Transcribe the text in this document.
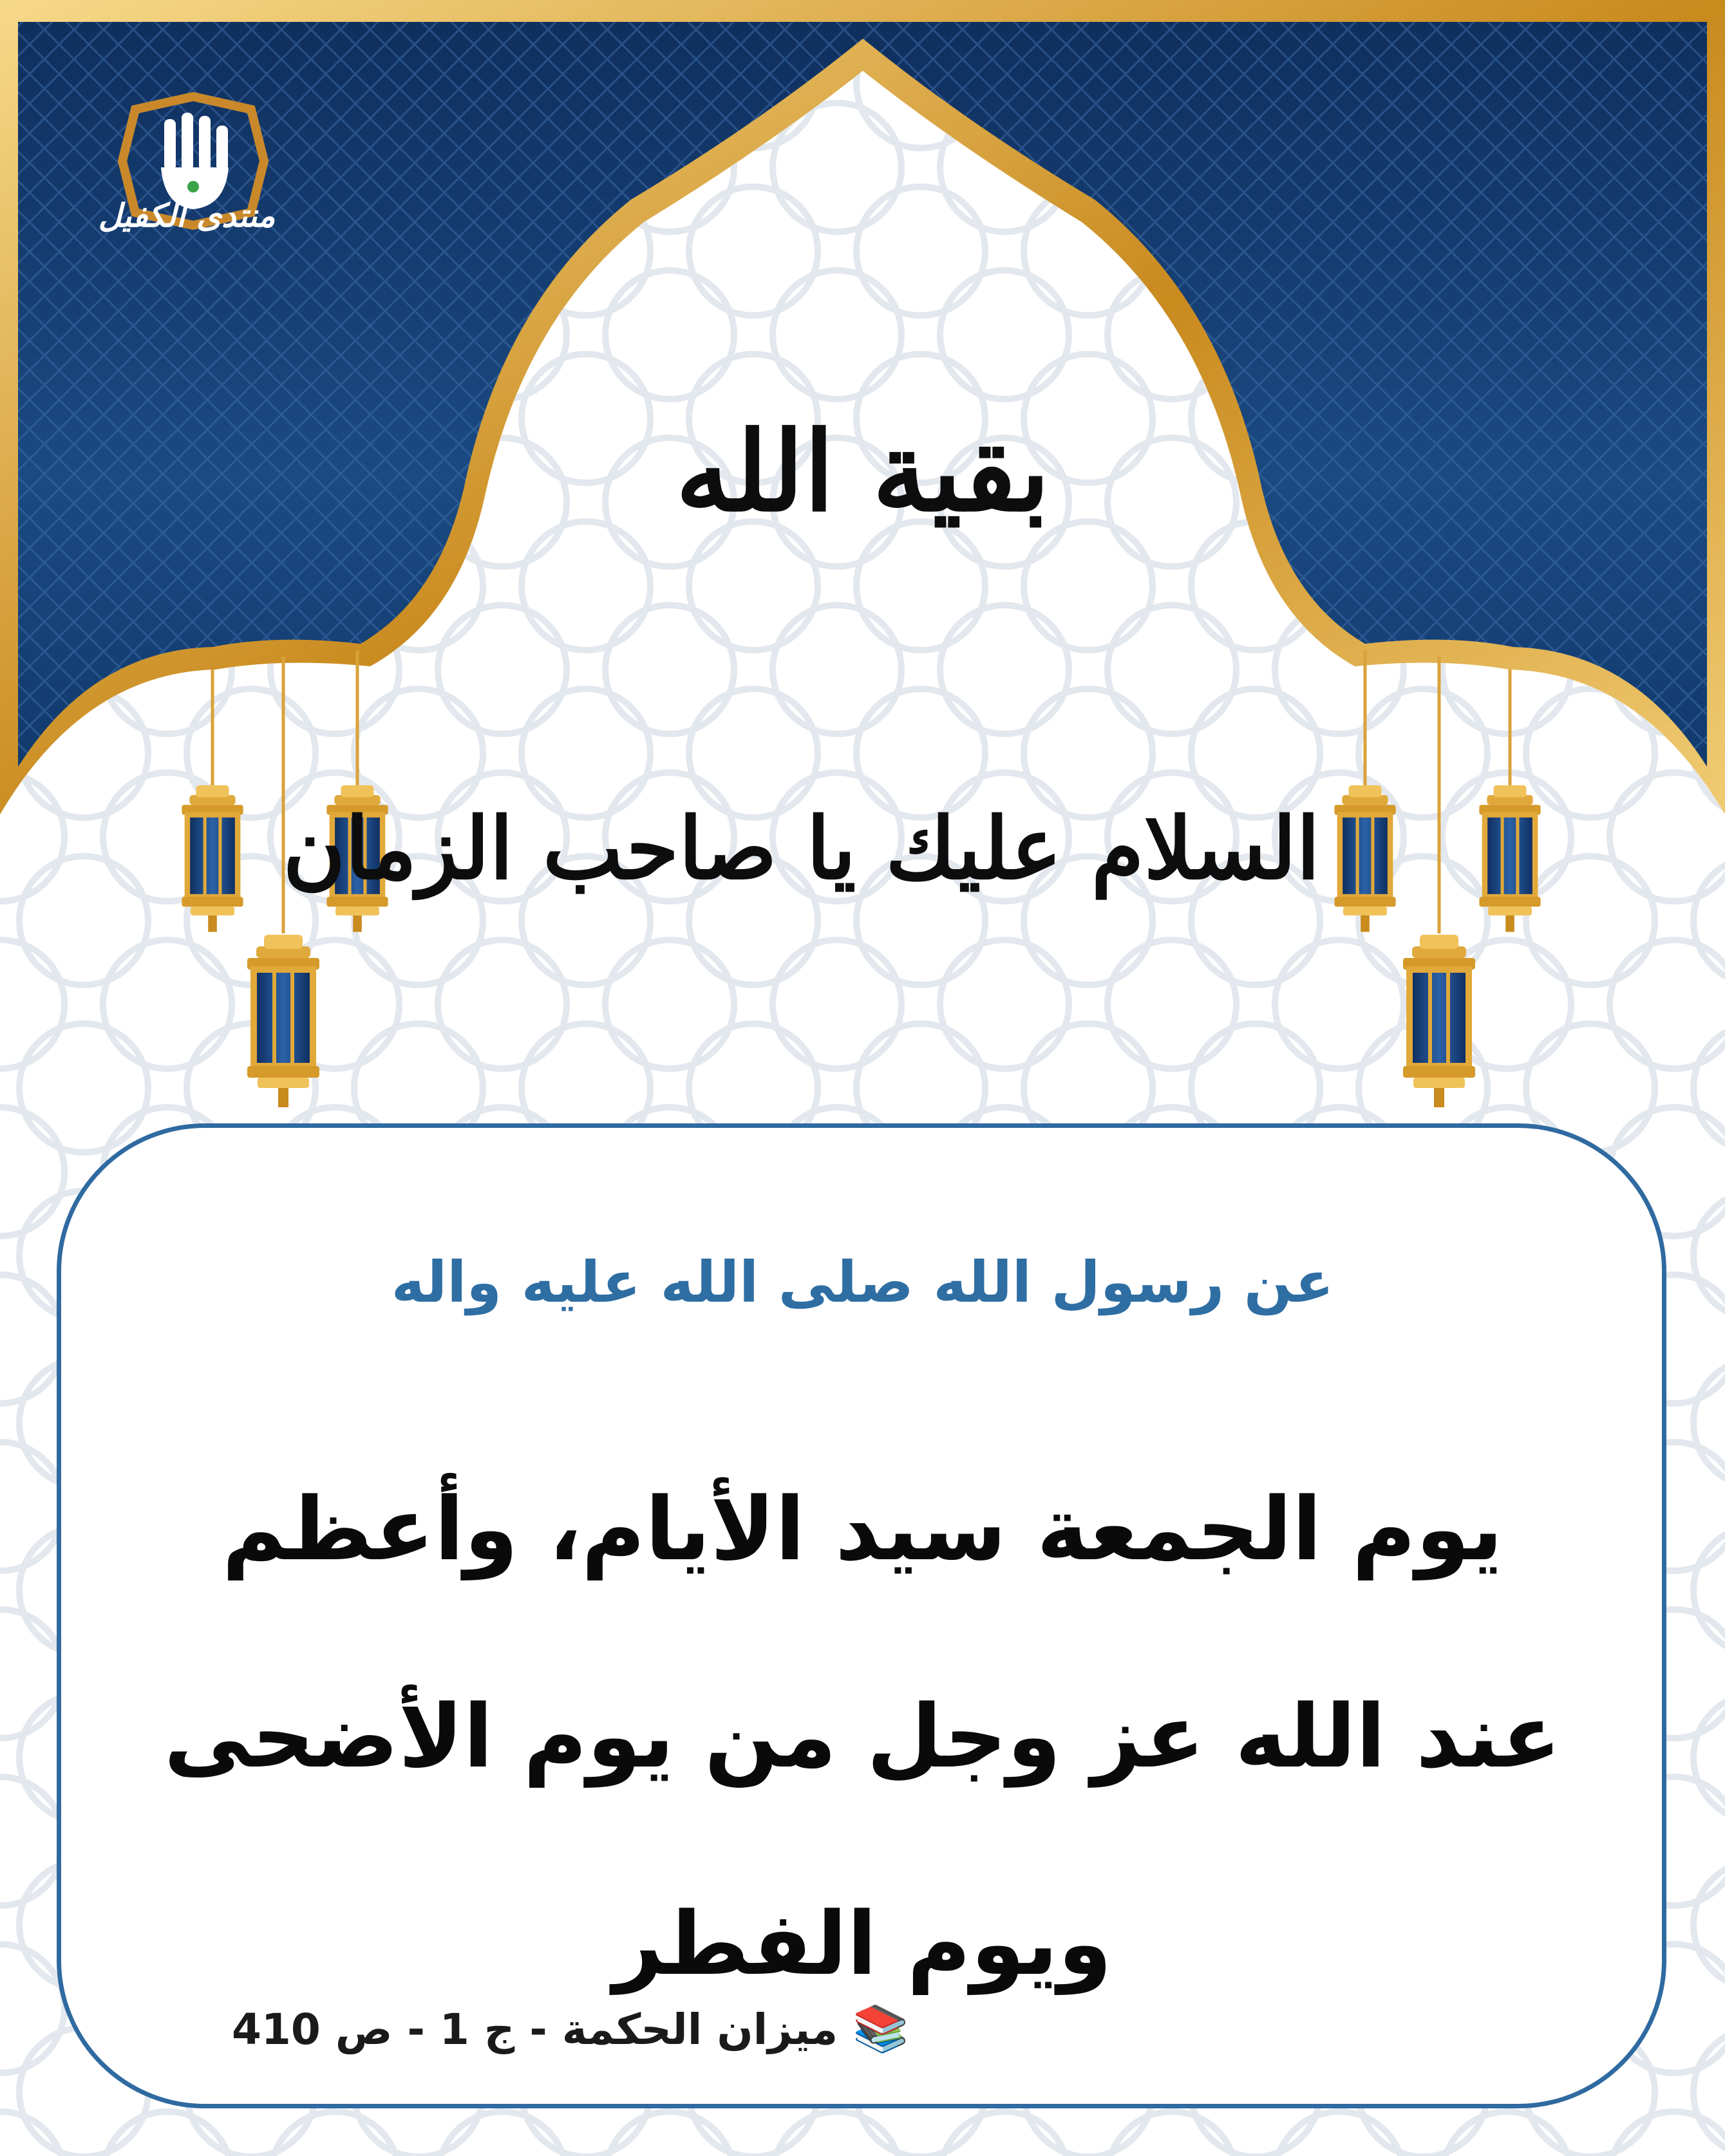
منتدى الكفيل
بقية الله
السلام عليك يا صاحب الزمان
عن رسول الله صلى الله عليه واله
يوم الجمعة سيد الأيام، وأعظم
عند الله عز وجل من يوم الأضحى
ويوم الفطر
📚 ميزان الحكمة - ج 1 - ص 410
